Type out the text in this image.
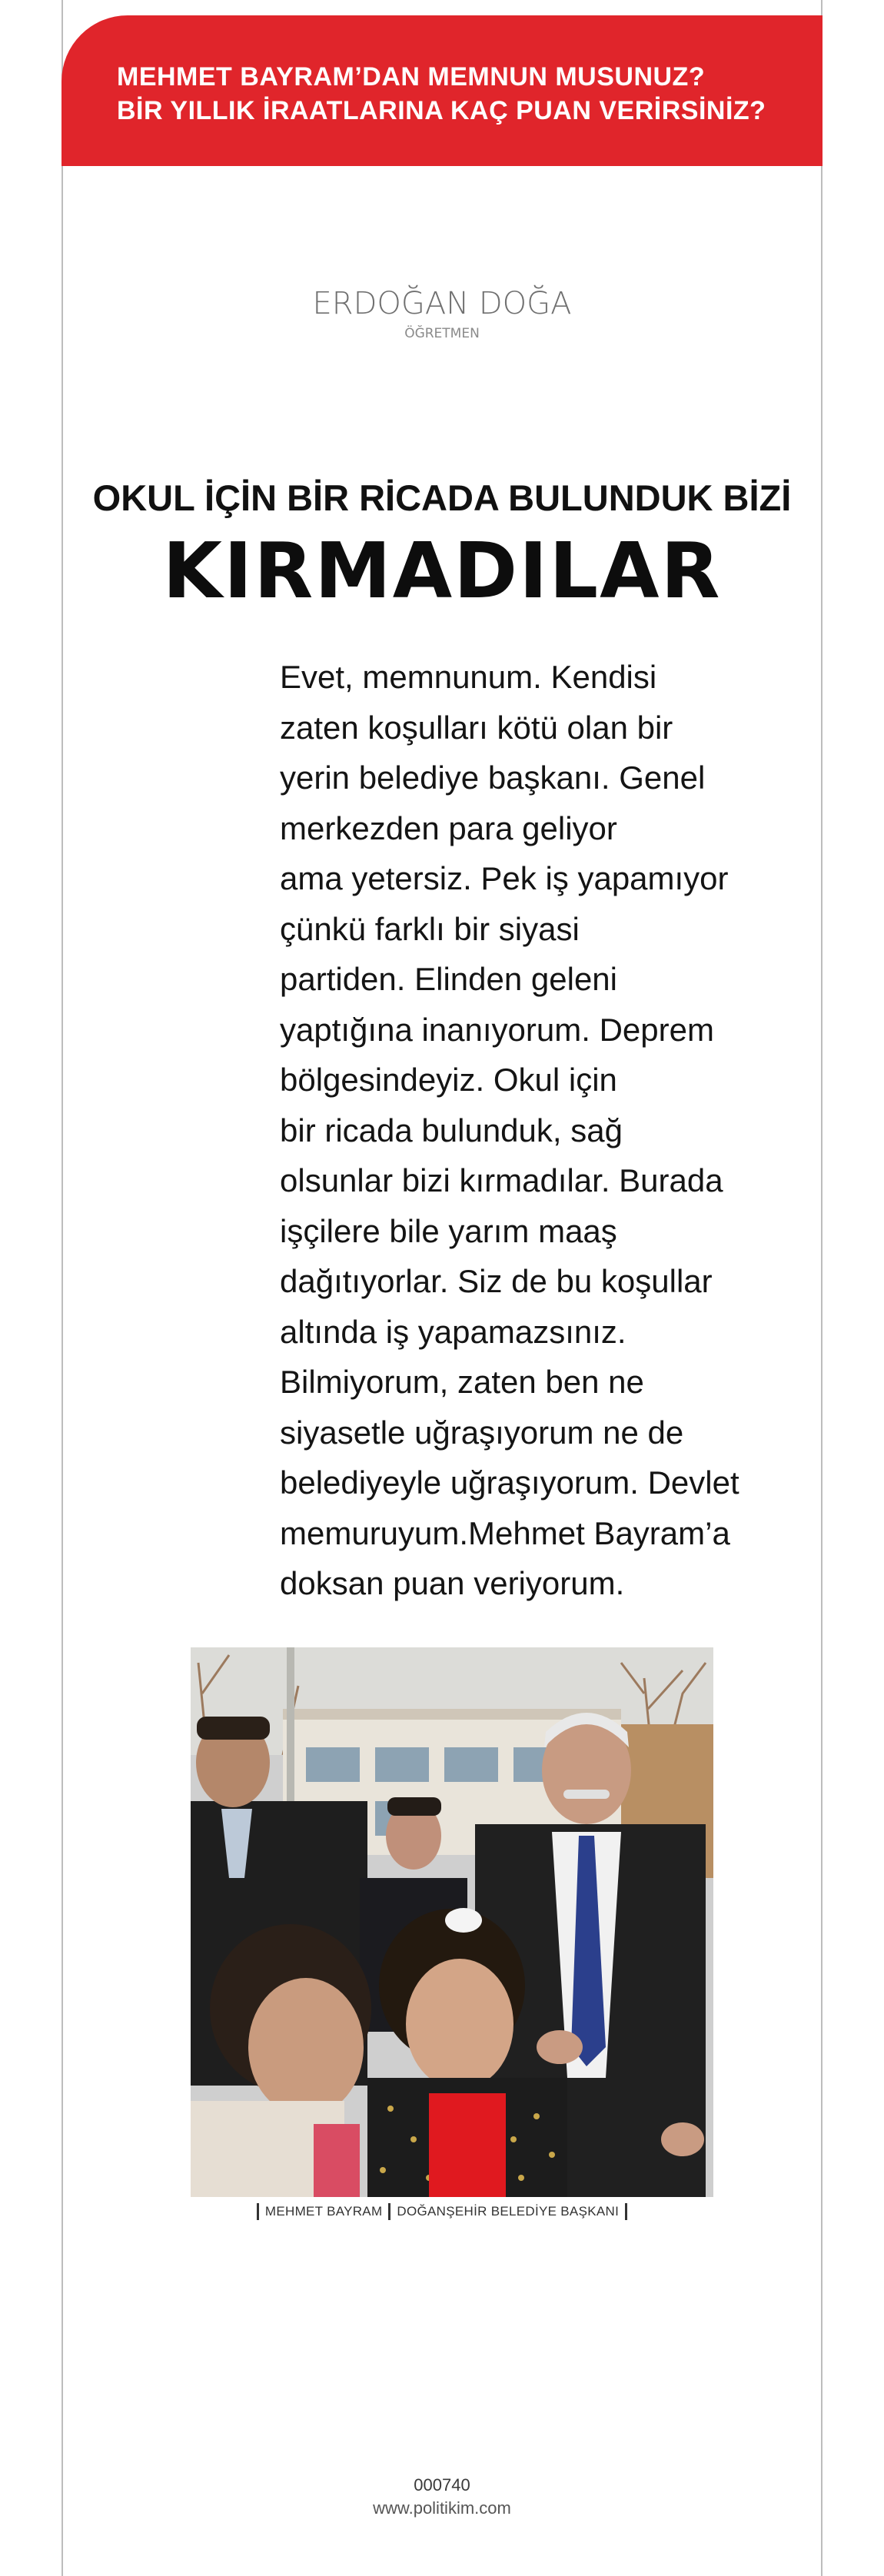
MEHMET BAYRAM’DAN MEMNUN MUSUNUZ?
BİR YILLIK İRAATLARINA KAÇ PUAN VERİRSİNİZ?
ERDOĞAN DOĞA
ÖĞRETMEN
OKUL İÇİN BİR RİCADA BULUNDUK BİZİ
KIRMADILAR
Evet, memnunum. Kendisi
zaten koşulları kötü olan bir
yerin belediye başkanı. Genel
merkezden para geliyor
ama yetersiz. Pek iş yapamıyor
çünkü farklı bir siyasi
partiden. Elinden geleni
yaptığına inanıyorum. Deprem
bölgesindeyiz. Okul için
bir ricada bulunduk, sağ
olsunlar bizi kırmadılar. Burada
işçilere bile yarım maaş
dağıtıyorlar. Siz de bu koşullar
altında iş yapamazsınız.
Bilmiyorum, zaten ben ne
siyasetle uğraşıyorum ne de
belediyeyle uğraşıyorum. Devlet
memuruyum.Mehmet Bayram’a
doksan puan veriyorum.
MEHMET BAYRAM DOĞANŞEHİR BELEDİYE BAŞKANI
000740
www.politikim.com
